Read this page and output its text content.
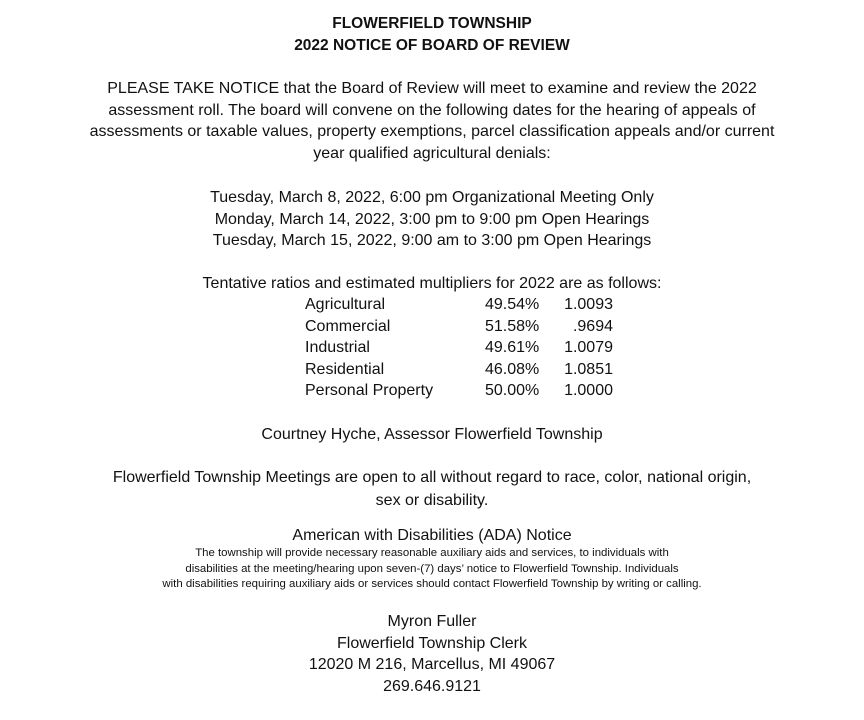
FLOWERFIELD TOWNSHIP
2022 NOTICE OF BOARD OF REVIEW
PLEASE TAKE NOTICE that the Board of Review will meet to examine and review the 2022
assessment roll. The board will convene on the following dates for the hearing of appeals of
assessments or taxable values, property exemptions, parcel classification appeals and/or current
year qualified agricultural denials:
Tuesday, March 8, 2022, 6:00 pm Organizational Meeting Only
Monday, March 14, 2022, 3:00 pm to 9:00 pm Open Hearings
Tuesday, March 15, 2022, 9:00 am to 3:00 pm Open Hearings
Tentative ratios and estimated multipliers for 2022 are as follows:
Agricultural	49.54%	1.0093
Commercial	51.58%	.9694
Industrial	49.61%	1.0079
Residential	46.08%	1.0851
Personal Property	50.00%	1.0000
Courtney Hyche, Assessor Flowerfield Township
Flowerfield Township Meetings are open to all without regard to race, color, national origin,
sex or disability.
American with Disabilities (ADA) Notice
The township will provide necessary reasonable auxiliary aids and services, to individuals with
disabilities at the meeting/hearing upon seven-(7) days’ notice to Flowerfield Township. Individuals
with disabilities requiring auxiliary aids or services should contact Flowerfield Township by writing or calling.
Myron Fuller
Flowerfield Township Clerk
12020 M 216, Marcellus, MI 49067
269.646.9121
